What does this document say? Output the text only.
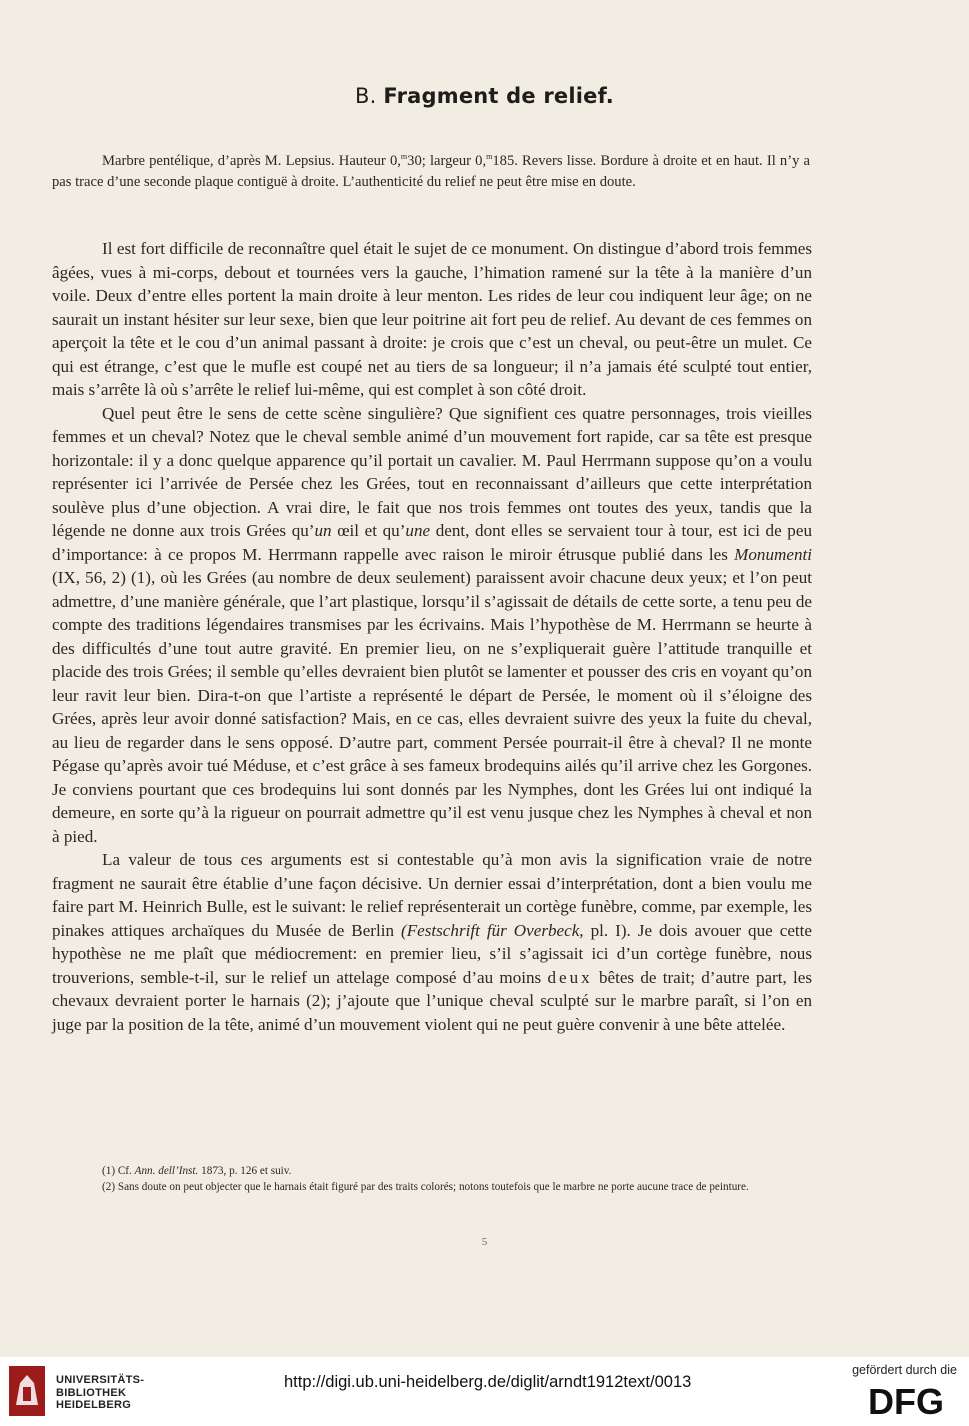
B. Fragment de relief.

Marbre pentélique, d’après M. Lepsius. Hauteur 0,$^m$30; largeur 0,$^m$185. Revers lisse. Bordure à droite et en haut. Il n’y a pas trace d’une seconde plaque contiguë à droite. L’authenticité du relief ne peut être mise en doute.

Il est fort difficile de reconnaître quel était le sujet de ce monument. On distingue d’abord trois femmes âgées, vues à mi-corps, debout et tournées vers la gauche, l’himation ramené sur la tête à la manière d’un voile. Deux d’entre elles portent la main droite à leur menton. Les rides de leur cou indiquent leur âge; on ne saurait un instant hésiter sur leur sexe, bien que leur poitrine ait fort peu de relief. Au devant de ces femmes on aperçoit la tête et le cou d’un animal passant à droite: je crois que c’est un cheval, ou peut-être un mulet. Ce qui est étrange, c’est que le mufle est coupé net au tiers de sa longueur; il n’a jamais été sculpté tout entier, mais s’arrête là où s’arrête le relief lui-même, qui est complet à son côté droit.

Quel peut être le sens de cette scène singulière? Que signifient ces quatre personnages, trois vieilles femmes et un cheval? Notez que le cheval semble animé d’un mouvement fort rapide, car sa tête est presque horizontale: il y a donc quelque apparence qu’il portait un cavalier. M. Paul Herrmann suppose qu’on a voulu représenter ici l’arrivée de Persée chez les Grées, tout en reconnaissant d’ailleurs que cette interprétation soulève plus d’une objection. A vrai dire, le fait que nos trois femmes ont toutes des yeux, tandis que la légende ne donne aux trois Grées qu’un œil et qu’une dent, dont elles se servaient tour à tour, est ici de peu d’importance: à ce propos M. Herrmann rappelle avec raison le miroir étrusque publié dans les Monumenti (IX, 56, 2) (1), où les Grées (au nombre de deux seulement) paraissent avoir chacune deux yeux; et l’on peut admettre, d’une manière générale, que l’art plastique, lorsqu’il s’agissait de détails de cette sorte, a tenu peu de compte des traditions légendaires transmises par les écrivains. Mais l’hypothèse de M. Herrmann se heurte à des difficultés d’une tout autre gravité. En premier lieu, on ne s’expliquerait guère l’attitude tranquille et placide des trois Grées; il semble qu’elles devraient bien plutôt se lamenter et pousser des cris en voyant qu’on leur ravit leur bien. Dira-t-on que l’artiste a représenté le départ de Persée, le moment où il s’éloigne des Grées, après leur avoir donné satisfaction? Mais, en ce cas, elles devraient suivre des yeux la fuite du cheval, au lieu de regarder dans le sens opposé. D’autre part, comment Persée pourrait-il être à cheval? Il ne monte Pégase qu’après avoir tué Méduse, et c’est grâce à ses fameux brodequins ailés qu’il arrive chez les Gorgones. Je conviens pourtant que ces brodequins lui sont donnés par les Nymphes, dont les Grées lui ont indiqué la demeure, en sorte qu’à la rigueur on pourrait admettre qu’il est venu jusque chez les Nymphes à cheval et non à pied.

La valeur de tous ces arguments est si contestable qu’à mon avis la signification vraie de notre fragment ne saurait être établie d’une façon décisive. Un dernier essai d’interprétation, dont a bien voulu me faire part M. Heinrich Bulle, est le suivant: le relief représenterait un cortège funèbre, comme, par exemple, les pinakes attiques archaïques du Musée de Berlin (Festschrift für Overbeck, pl. I). Je dois avouer que cette hypothèse ne me plaît que médiocrement: en premier lieu, s’il s’agissait ici d’un cortège funèbre, nous trouverions, semble-t-il, sur le relief un attelage composé d’au moins deux bêtes de trait; d’autre part, les chevaux devraient porter le harnais (2); j’ajoute que l’unique cheval sculpté sur le marbre paraît, si l’on en juge par la position de la tête, animé d’un mouvement violent qui ne peut guère convenir à une bête attelée.

(1) Cf. Ann. dell’Inst. 1873, p. 126 et suiv.

(2) Sans doute on peut objecter que le harnais était figuré par des traits colorés; notons toutefois que le marbre ne porte aucune trace de peinture.

5
UNIVERSITÄTS-
BIBLIOTHEK
HEIDELBERG
http://digi.ub.uni-heidelberg.de/diglit/arndt1912text/0013
gefördert durch die
DFG
